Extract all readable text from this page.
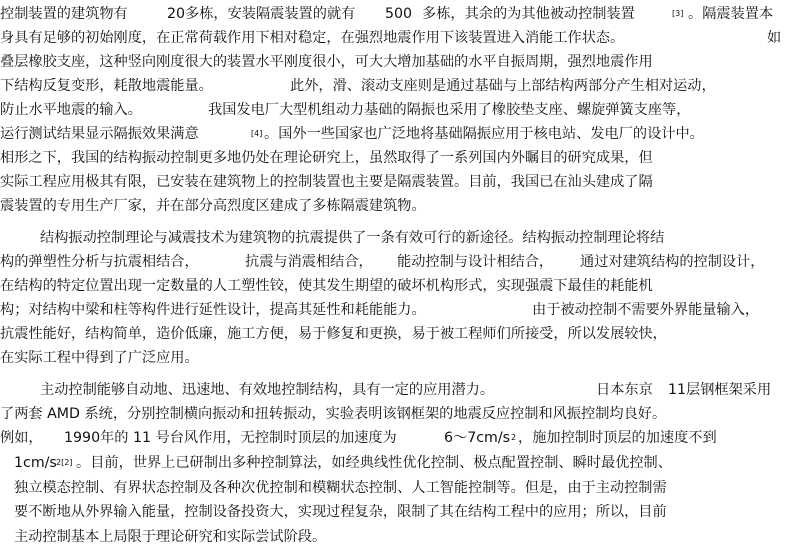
控制装置的建筑物有	20多栋，安装隔震装置的就有 500 多栋，其余的为其他被动控制装置	[3] 。隔震装置本
身具有足够的初始刚度，在正常荷载作用下相对稳定，在强烈地震作用下该装置进入消能工作状态。	如
叠层橡胶支座，这种竖向刚度很大的装置水平刚度很小，可大大增加基础的水平自振周期，强烈地震作用
下结构反复变形，耗散地震能量。	此外，滑、滚动支座则是通过基础与上部结构两部分产生相对运动，
防止水平地震的输入。	我国发电厂大型机组动力基础的隔振也采用了橡胶垫支座、螺旋弹簧支座等，
运行测试结果显示隔振效果满意	[4] 。国外一些国家也广泛地将基础隔振应用于核电站、发电厂的设计中。
相形之下，我国的结构振动控制更多地仍处在理论研究上，虽然取得了一系列国内外瞩目的研究成果，但
实际工程应用极其有限，已安装在建筑物上的控制装置也主要是隔震装置。目前，我国已在汕头建成了隔
震装置的专用生产厂家，并在部分高烈度区建成了多栋隔震建筑物。
结构振动控制理论与减震技术为建筑物的抗震提供了一条有效可行的新途径。结构振动控制理论将结
构的弹塑性分析与抗震相结合，	抗震与消震相结合， 能动控制与设计相结合， 通过对建筑结构的控制设计，
在结构的特定位置出现一定数量的人工塑性铰，使其发生期望的破坏机构形式，实现强震下最佳的耗能机
构；对结构中梁和柱等构件进行延性设计，提高其延性和耗能能力。	由于被动控制不需要外界能量输入，
抗震性能好，结构简单，造价低廉，施工方便，易于修复和更换，易于被工程师们所接受，所以发展较快，
在实际工程中得到了广泛应用。
主动控制能够自动地、迅速地、有效地控制结构，具有一定的应用潜力。	日本东京 11层钢框架采用
了两套 AMD 系统，分别控制横向振动和扭转振动，实验表明该钢框架的地震反应控制和风振控制均良好。
例如， 1990年的 11 号台风作用，无控制时顶层的加速度为	6～7cm/s 2 ，施加控制时顶层的加速度不到
1cm/s 2[2] 。目前，世界上已研制出多种控制算法，如经典线性优化控制、极点配置控制、瞬时最优控制、
独立模态控制、有界状态控制及各种次优控制和模糊状态控制、人工智能控制等。但是，由于主动控制需
要不断地从外界输入能量，控制设备投资大，实现过程复杂，限制了其在结构工程中的应用；所以，目前
主动控制基本上局限于理论研究和实际尝试阶段。
